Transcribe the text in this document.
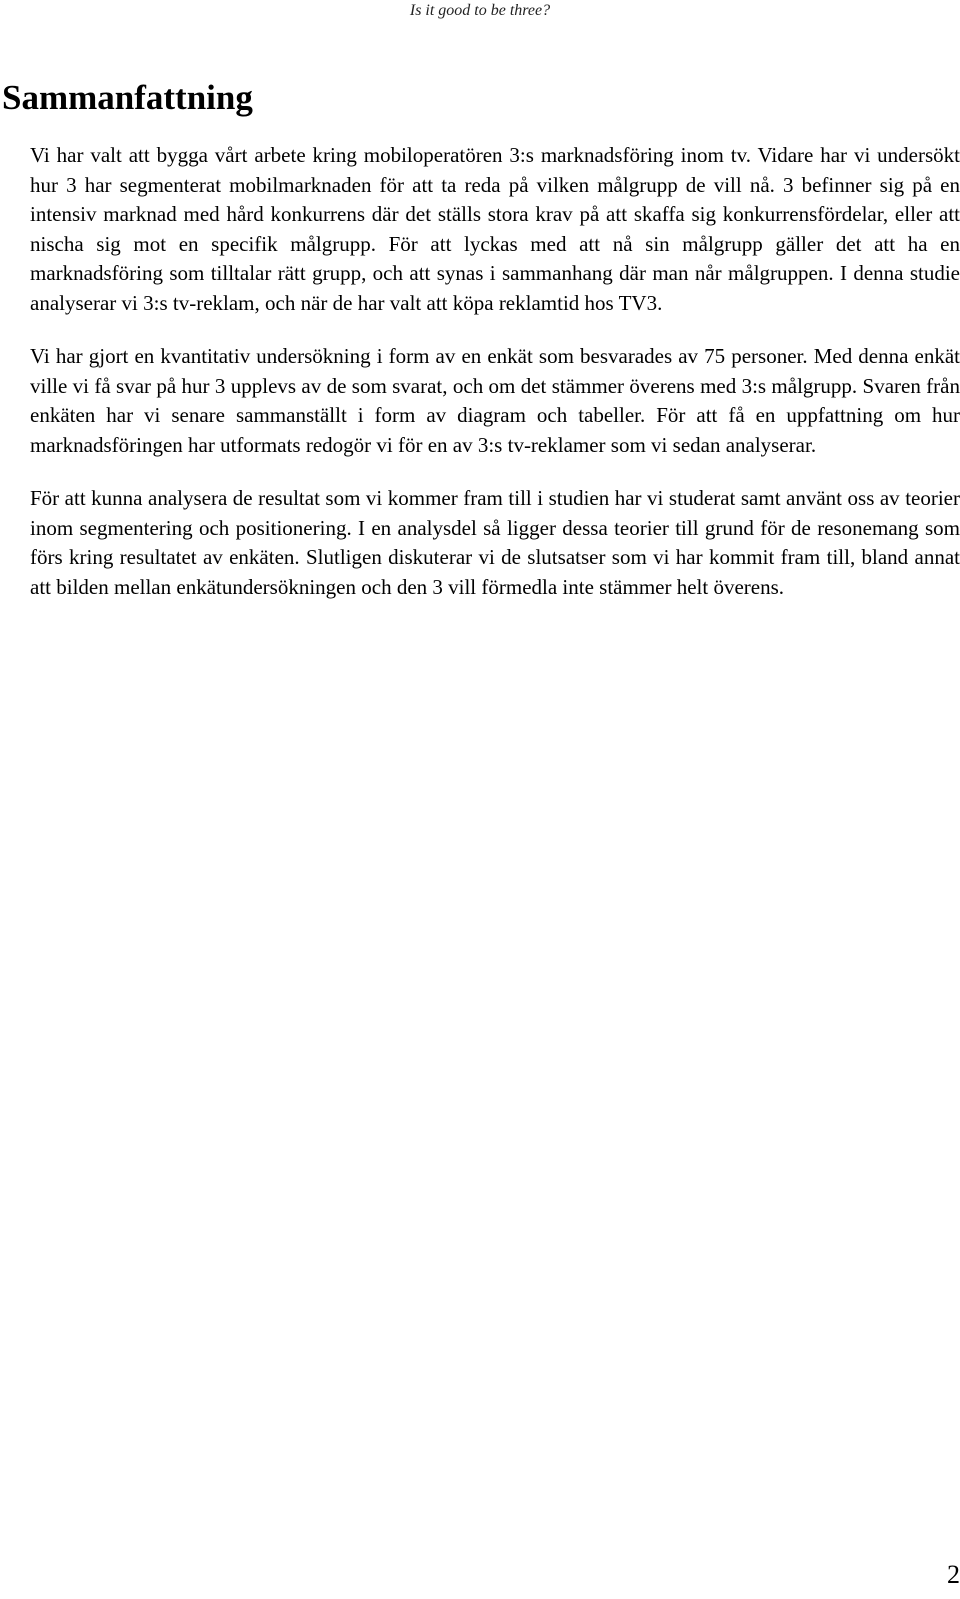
Is it good to be three?
Sammanfattning

Vi har valt att bygga vårt arbete kring mobiloperatören 3:s marknadsföring inom tv. Vidare har vi undersökt hur 3 har segmenterat mobilmarknaden för att ta reda på vilken målgrupp de vill nå. 3 befinner sig på en intensiv marknad med hård konkurrens där det ställs stora krav på att skaffa sig konkurrensfördelar, eller att nischa sig mot en specifik målgrupp. För att lyckas med att nå sin målgrupp gäller det att ha en marknadsföring som tilltalar rätt grupp, och att synas i sammanhang där man når målgruppen. I denna studie analyserar vi 3:s tv-reklam, och när de har valt att köpa reklamtid hos TV3.

Vi har gjort en kvantitativ undersökning i form av en enkät som besvarades av 75 personer. Med denna enkät ville vi få svar på hur 3 upplevs av de som svarat, och om det stämmer överens med 3:s målgrupp. Svaren från enkäten har vi senare sammanställt i form av diagram och tabeller. För att få en uppfattning om hur marknadsföringen har utformats redogör vi för en av 3:s tv-reklamer som vi sedan analyserar.

För att kunna analysera de resultat som vi kommer fram till i studien har vi studerat samt använt oss av teorier inom segmentering och positionering. I en analysdel så ligger dessa teorier till grund för de resonemang som förs kring resultatet av enkäten. Slutligen diskuterar vi de slutsatser som vi har kommit fram till, bland annat att bilden mellan enkätundersökningen och den 3 vill förmedla inte stämmer helt överens.

2
